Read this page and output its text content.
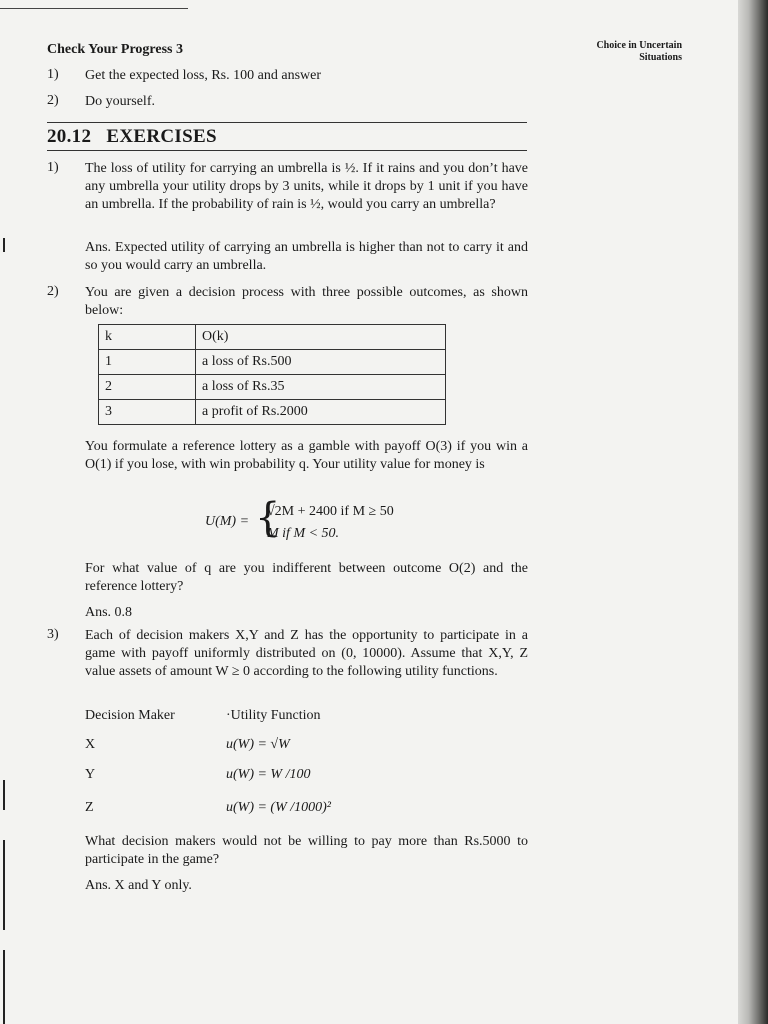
Choice in Uncertain
Situations
Check Your Progress 3
1) Get the expected loss, Rs. 100 and answer
2) Do yourself.
20.12   EXERCISES
1) The loss of utility for carrying an umbrella is ½. If it rains and you don’t have any umbrella your utility drops by 3 units, while it drops by 1 unit if you have an umbrella. If the probability of rain is ½, would you carry an umbrella?
Ans. Expected utility of carrying an umbrella is higher than not to carry it and so you would carry an umbrella.
2) You are given a decision process with three possible outcomes, as shown below:
k	O(k)
1	a loss of Rs.500
2	a loss of Rs.35
3	a profit of Rs.2000
You formulate a reference lottery as a gamble with payoff O(3) if you win a O(1) if you lose, with win probability q. Your utility value for money is
U(M) = {
√2M + 2400 if M ≥ 50
M if M < 50.
For what value of q are you indifferent between outcome O(2) and the reference lottery?
Ans. 0.8
3) Each of decision makers X,Y and Z has the opportunity to participate in a game with payoff uniformly distributed on (0, 10000). Assume that X,Y, Z value assets of amount W ≥ 0 according to the following utility functions.
Decision Maker	·Utility Function
X	u(W) = √W
Y	u(W) = W /100
Z	u(W) = (W /1000)²
What decision makers would not be willing to pay more than Rs.5000 to participate in the game?
Ans. X and Y only.
